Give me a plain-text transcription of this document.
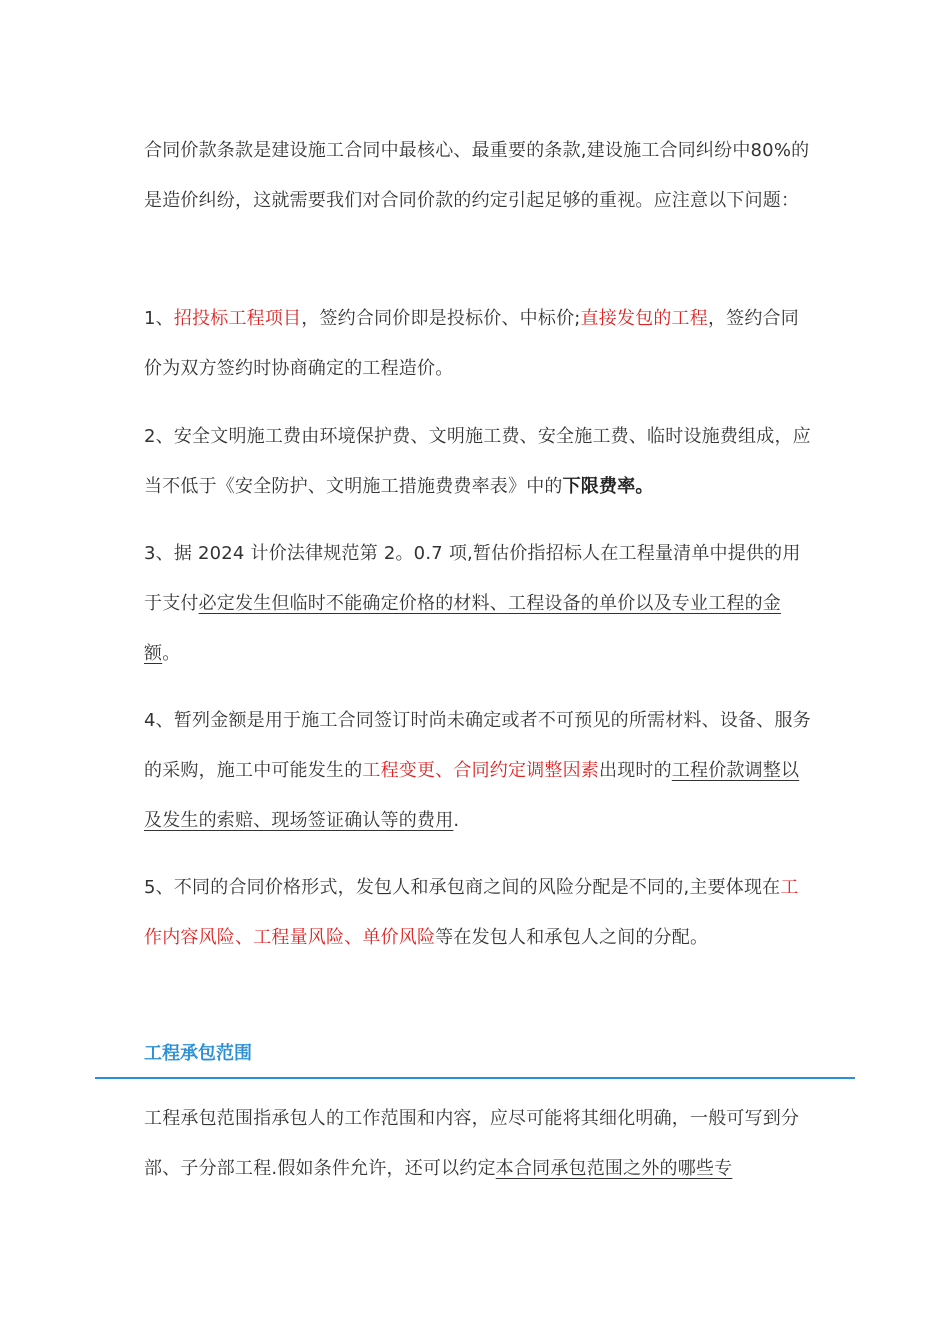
合同价款条款是建设施工合同中最核心、最重要的条款,建设施工合同纠纷中80%的是造价纠纷，这就需要我们对合同价款的约定引起足够的重视。应注意以下问题：

1、招投标工程项目，签约合同价即是投标价、中标价;直接发包的工程，签约合同价为双方签约时协商确定的工程造价。

2、安全文明施工费由环境保护费、文明施工费、安全施工费、临时设施费组成，应当不低于《安全防护、文明施工措施费费率表》中的下限费率。

3、据 2024 计价法律规范第 2。0.7 项,暂估价指招标人在工程量清单中提供的用于支付必定发生但临时不能确定价格的材料、工程设备的单价以及专业工程的金额。

4、暂列金额是用于施工合同签订时尚未确定或者不可预见的所需材料、设备、服务的采购，施工中可能发生的工程变更、合同约定调整因素出现时的工程价款调整以及发生的索赔、现场签证确认等的费用.

5、不同的合同价格形式，发包人和承包商之间的风险分配是不同的,主要体现在工作内容风险、工程量风险、单价风险等在发包人和承包人之间的分配。

工程承包范围

工程承包范围指承包人的工作范围和内容，应尽可能将其细化明确，一般可写到分部、子分部工程.假如条件允许，还可以约定本合同承包范围之外的哪些专
